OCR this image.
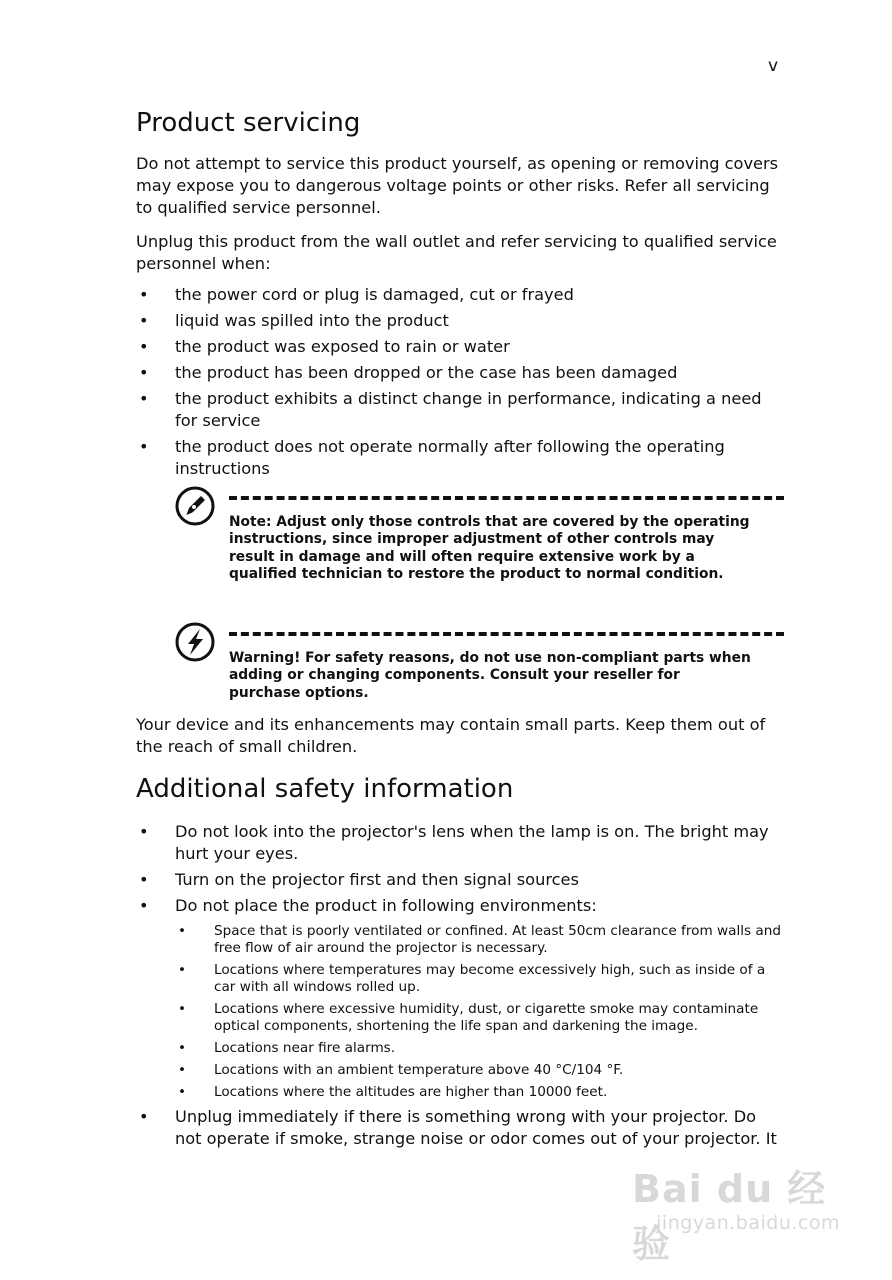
v
Product servicing

Do not attempt to service this product yourself, as opening or removing covers may expose you to dangerous voltage points or other risks. Refer all servicing to qualified service personnel.

Unplug this product from the wall outlet and refer servicing to qualified service personnel when:

• the power cord or plug is damaged, cut or frayed
• liquid was spilled into the product
• the product was exposed to rain or water
• the product has been dropped or the case has been damaged
• the product exhibits a distinct change in performance, indicating a need for service
• the product does not operate normally after following the operating instructions
Note: Adjust only those controls that are covered by the operating instructions, since improper adjustment of other controls may result in damage and will often require extensive work by a qualified technician to restore the product to normal condition.
Warning! For safety reasons, do not use non-compliant parts when adding or changing components. Consult your reseller for purchase options.

Your device and its enhancements may contain small parts. Keep them out of the reach of small children.

Additional safety information
• Do not look into the projector's lens when the lamp is on. The bright may hurt your eyes.
• Turn on the projector first and then signal sources
• Do not place the product in following environments:
• Space that is poorly ventilated or confined. At least 50cm clearance from walls and free flow of air around the projector is necessary.
• Locations where temperatures may become excessively high, such as inside of a car with all windows rolled up.
• Locations where excessive humidity, dust, or cigarette smoke may contaminate optical components, shortening the life span and darkening the image.
• Locations near fire alarms.
• Locations with an ambient temperature above 40 °C/104 °F.
• Locations where the altitudes are higher than 10000 feet.
• Unplug immediately if there is something wrong with your projector. Do not operate if smoke, strange noise or odor comes out of your projector. It
Bai du 经验
jingyan.baidu.com
